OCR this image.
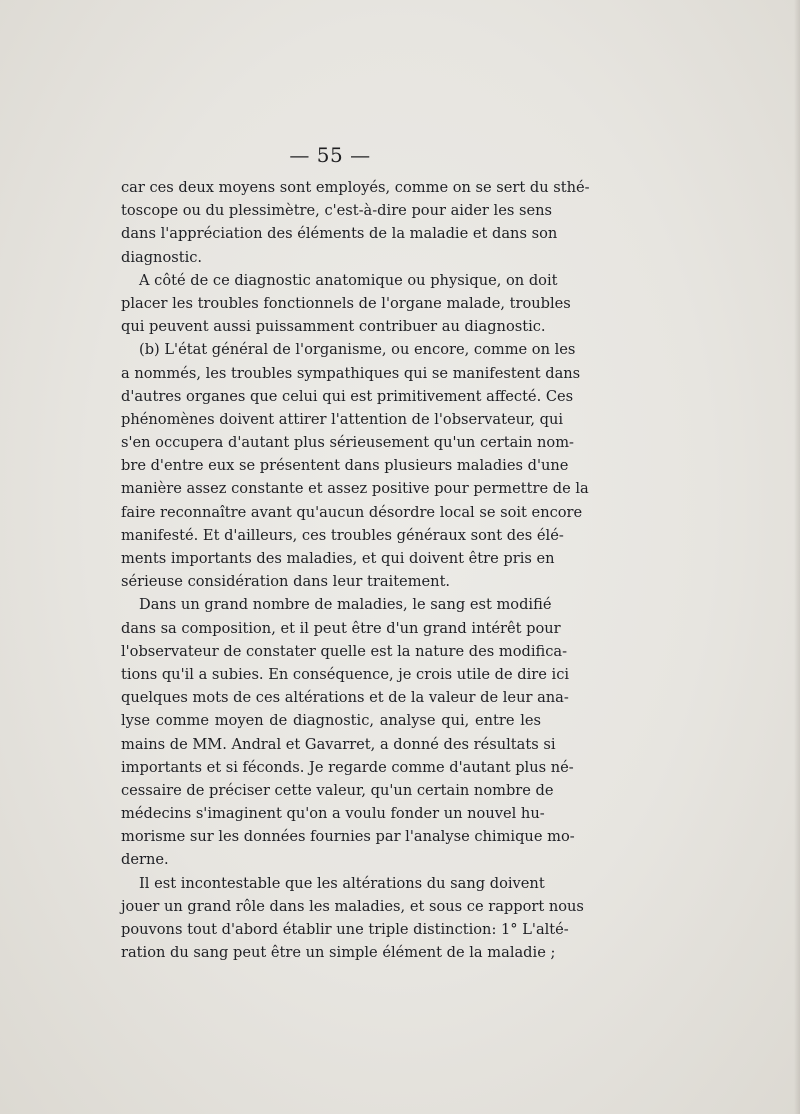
— 55 —
car ces deux moyens sont employés, comme on se sert du sthé-
toscope ou du plessimètre, c'est-à-dire pour aider les sens
dans l'appréciation des éléments de la maladie et dans son
diagnostic.
A côté de ce diagnostic anatomique ou physique, on doit
placer les troubles fonctionnels de l'organe malade, troubles
qui peuvent aussi puissamment contribuer au diagnostic.
(b) L'état général de l'organisme, ou encore, comme on les
a nommés, les troubles sympathiques qui se manifestent dans
d'autres organes que celui qui est primitivement affecté. Ces
phénomènes doivent attirer l'attention de l'observateur, qui
s'en occupera d'autant plus sérieusement qu'un certain nom-
bre d'entre eux se présentent dans plusieurs maladies d'une
manière assez constante et assez positive pour permettre de la
faire reconnaître avant qu'aucun désordre local se soit encore
manifesté. Et d'ailleurs, ces troubles généraux sont des élé-
ments importants des maladies, et qui doivent être pris en
sérieuse considération dans leur traitement.
Dans un grand nombre de maladies, le sang est modifié
dans sa composition, et il peut être d'un grand intérêt pour
l'observateur de constater quelle est la nature des modifica-
tions qu'il a subies. En conséquence, je crois utile de dire ici
quelques mots de ces altérations et de la valeur de leur ana-
lyse comme moyen de diagnostic, analyse qui, entre les
mains de MM. Andral et Gavarret, a donné des résultats si
importants et si féconds. Je regarde comme d'autant plus né-
cessaire de préciser cette valeur, qu'un certain nombre de
médecins s'imaginent qu'on a voulu fonder un nouvel hu-
morisme sur les données fournies par l'analyse chimique mo-
derne.
Il est incontestable que les altérations du sang doivent
jouer un grand rôle dans les maladies, et sous ce rapport nous
pouvons tout d'abord établir une triple distinction: 1° L'alté-
ration du sang peut être un simple élément de la maladie ;
